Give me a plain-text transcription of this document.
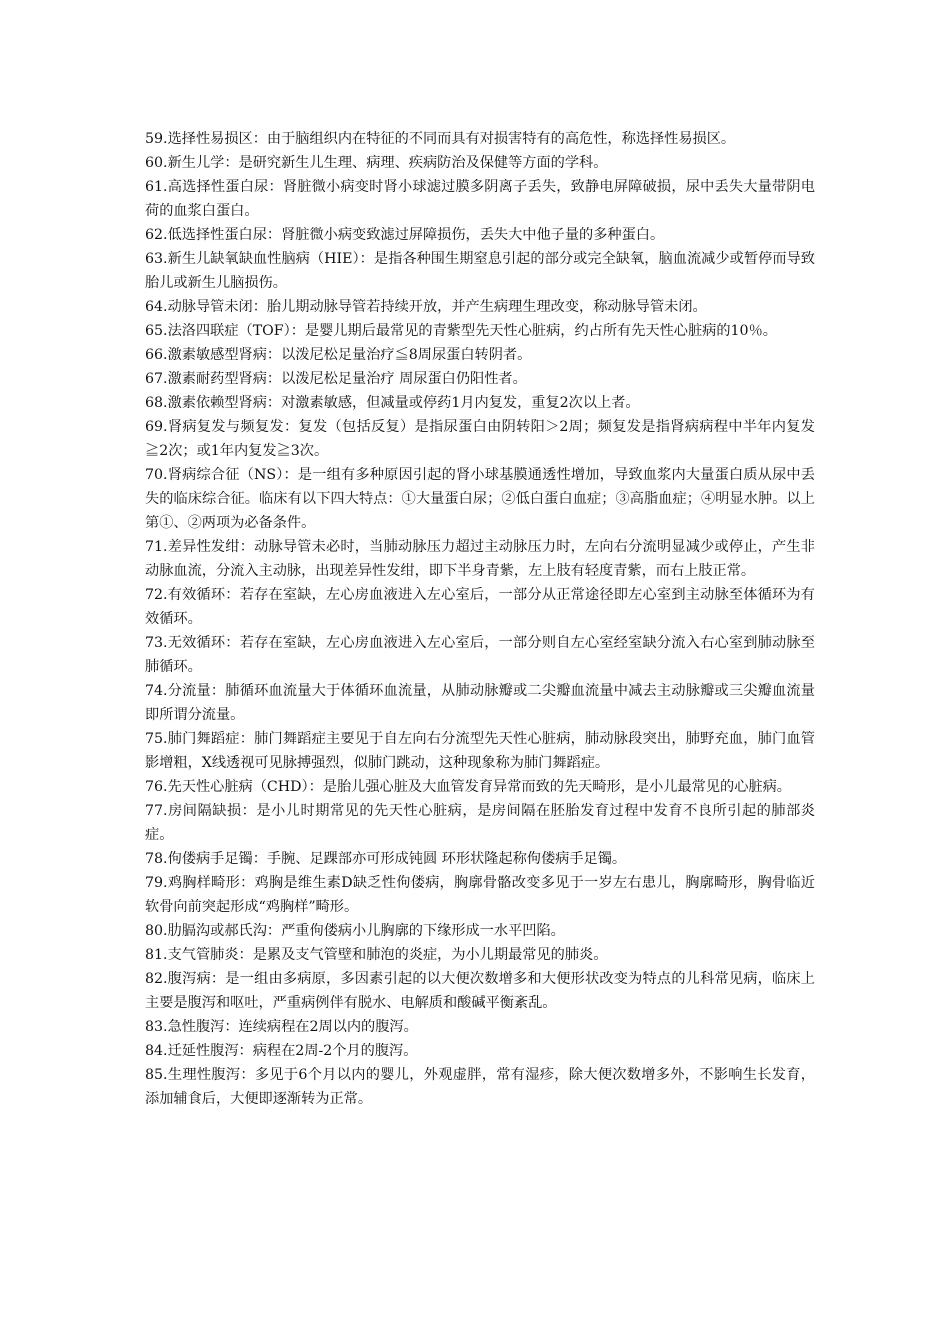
59.选择性易损区：由于脑组织内在特征的不同而具有对损害特有的高危性，称选择性易损区。

60.新生儿学：是研究新生儿生理、病理、疾病防治及保健等方面的学科。

61.高选择性蛋白尿：肾脏微小病变时肾小球滤过膜多阴离子丢失，致静电屏障破损，尿中丢失大量带阴电荷的血浆白蛋白。

62.低选择性蛋白尿：肾脏微小病变致滤过屏障损伤，丢失大中他子量的多种蛋白。

63.新生儿缺氧缺血性脑病（HIE）：是指各种围生期窒息引起的部分或完全缺氧，脑血流减少或暂停而导致胎儿或新生儿脑损伤。

64.动脉导管未闭：胎儿期动脉导管若持续开放，并产生病理生理改变，称动脉导管未闭。

65.法洛四联症（TOF）：是婴儿期后最常见的青紫型先天性心脏病，约占所有先天性心脏病的10％。

66.激素敏感型肾病：以泼尼松足量治疗≦8周尿蛋白转阴者。

67.激素耐药型肾病：以泼尼松足量治疗 周尿蛋白仍阳性者。

68.激素依赖型肾病：对激素敏感，但减量或停药1月内复发，重复2次以上者。

69.肾病复发与频复发：复发（包括反复）是指尿蛋白由阴转阳＞2周；频复发是指肾病病程中半年内复发≧2次；或1年内复发≧3次。

70.肾病综合征（NS）：是一组有多种原因引起的肾小球基膜通透性增加，导致血浆内大量蛋白质从尿中丢失的临床综合征。临床有以下四大特点：①大量蛋白尿；②低白蛋白血症；③高脂血症；④明显水肿。以上第①、②两项为必备条件。

71.差异性发绀：动脉导管未必时，当肺动脉压力超过主动脉压力时，左向右分流明显减少或停止，产生非动脉血流，分流入主动脉，出现差异性发绀，即下半身青紫，左上肢有轻度青紫，而右上肢正常。

72.有效循环：若存在室缺，左心房血液进入左心室后，一部分从正常途径即左心室到主动脉至体循环为有效循环。

73.无效循环：若存在室缺，左心房血液进入左心室后，一部分则自左心室经室缺分流入右心室到肺动脉至肺循环。

74.分流量：肺循环血流量大于体循环血流量，从肺动脉瓣或二尖瓣血流量中减去主动脉瓣或三尖瓣血流量即所谓分流量。

75.肺门舞蹈症：肺门舞蹈症主要见于自左向右分流型先天性心脏病，肺动脉段突出，肺野充血，肺门血管影增粗，X线透视可见脉搏强烈，似肺门跳动，这种现象称为肺门舞蹈症。

76.先天性心脏病（CHD）：是胎儿强心脏及大血管发育异常而致的先天畸形，是小儿最常见的心脏病。

77.房间隔缺损：是小儿时期常见的先天性心脏病，是房间隔在胚胎发育过程中发育不良所引起的肺部炎症。

78.佝偻病手足镯：手腕、足踝部亦可形成钝圆 环形状隆起称佝偻病手足镯。

79.鸡胸样畸形：鸡胸是维生素D缺乏性佝偻病，胸廓骨骼改变多见于一岁左右患儿，胸廓畸形，胸骨临近软骨向前突起形成“鸡胸样”畸形。

80.肋膈沟或郝氏沟：严重佝偻病小儿胸廓的下缘形成一水平凹陷。

81.支气管肺炎：是累及支气管壁和肺泡的炎症，为小儿期最常见的肺炎。

82.腹泻病：是一组由多病原，多因素引起的以大便次数增多和大便形状改变为特点的儿科常见病，临床上主要是腹泻和呕吐，严重病例伴有脱水、电解质和酸碱平衡紊乱。

83.急性腹泻：连续病程在2周以内的腹泻。

84.迁延性腹泻：病程在2周-2个月的腹泻。

85.生理性腹泻：多见于6个月以内的婴儿，外观虚胖，常有湿疹，除大便次数增多外，不影响生长发育，添加辅食后，大便即逐渐转为正常。
